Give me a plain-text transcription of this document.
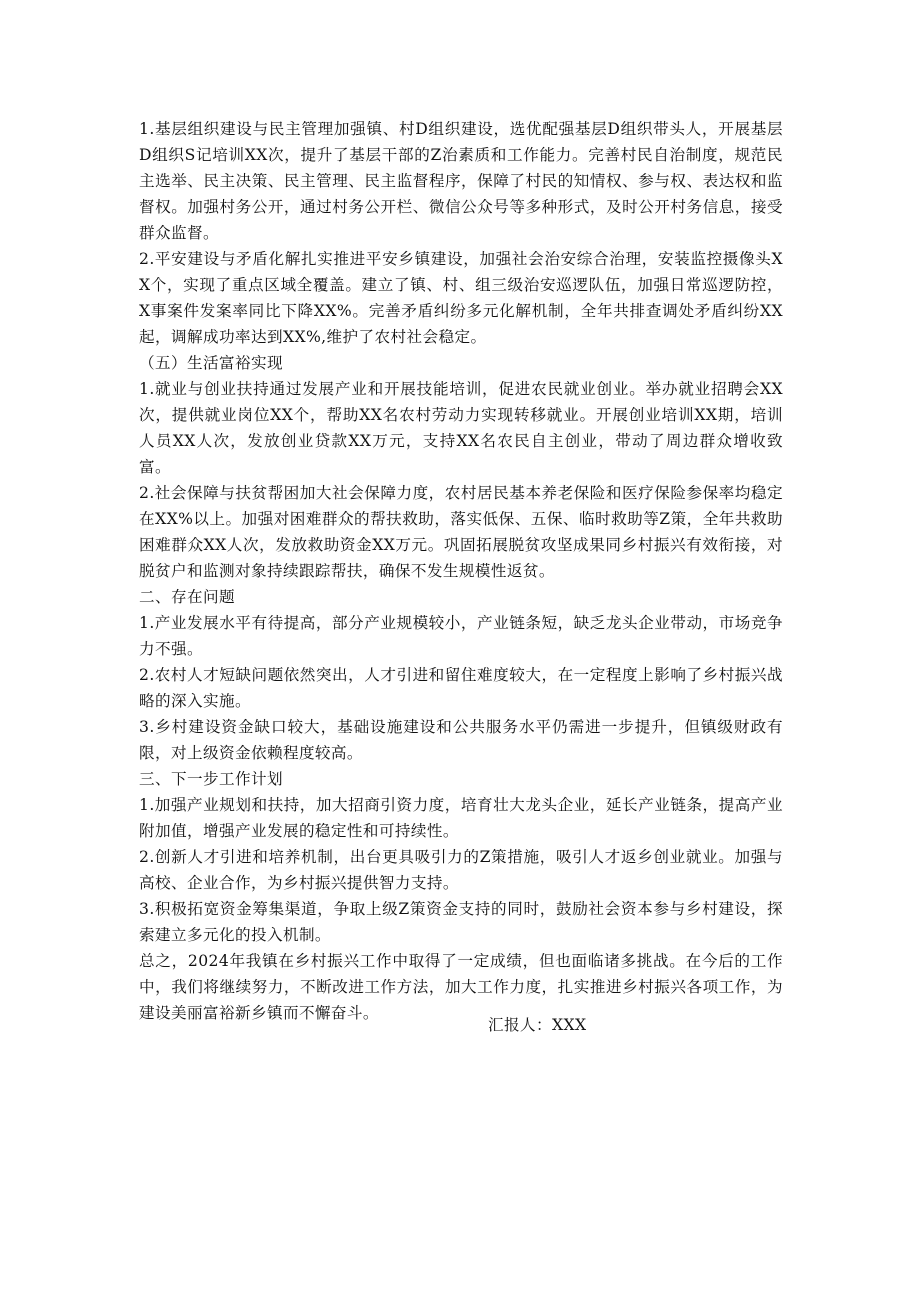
1.基层组织建设与民主管理加强镇、村D组织建设，选优配强基层D组织带头人，开展基层D组织S记培训XX次，提升了基层干部的Z治素质和工作能力。完善村民自治制度，规范民主选举、民主决策、民主管理、民主监督程序，保障了村民的知情权、参与权、表达权和监督权。加强村务公开，通过村务公开栏、微信公众号等多种形式，及时公开村务信息，接受群众监督。

2.平安建设与矛盾化解扎实推进平安乡镇建设，加强社会治安综合治理，安装监控摄像头XX个，实现了重点区域全覆盖。建立了镇、村、组三级治安巡逻队伍，加强日常巡逻防控，X事案件发案率同比下降XX%。完善矛盾纠纷多元化解机制，全年共排查调处矛盾纠纷XX起，调解成功率达到XX%,维护了农村社会稳定。

（五）生活富裕实现

1.就业与创业扶持通过发展产业和开展技能培训，促进农民就业创业。举办就业招聘会XX次，提供就业岗位XX个，帮助XX名农村劳动力实现转移就业。开展创业培训XX期，培训人员XX人次，发放创业贷款XX万元，支持XX名农民自主创业，带动了周边群众增收致富。

2.社会保障与扶贫帮困加大社会保障力度，农村居民基本养老保险和医疗保险参保率均稳定在XX%以上。加强对困难群众的帮扶救助，落实低保、五保、临时救助等Z策，全年共救助困难群众XX人次，发放救助资金XX万元。巩固拓展脱贫攻坚成果同乡村振兴有效衔接，对脱贫户和监测对象持续跟踪帮扶，确保不发生规模性返贫。

二、存在问题

1.产业发展水平有待提高，部分产业规模较小，产业链条短，缺乏龙头企业带动，市场竞争力不强。

2.农村人才短缺问题依然突出，人才引进和留住难度较大，在一定程度上影响了乡村振兴战略的深入实施。

3.乡村建设资金缺口较大，基础设施建设和公共服务水平仍需进一步提升，但镇级财政有限，对上级资金依赖程度较高。

三、下一步工作计划

1.加强产业规划和扶持，加大招商引资力度，培育壮大龙头企业，延长产业链条，提高产业附加值，增强产业发展的稳定性和可持续性。

2.创新人才引进和培养机制，出台更具吸引力的Z策措施，吸引人才返乡创业就业。加强与高校、企业合作，为乡村振兴提供智力支持。

3.积极拓宽资金筹集渠道，争取上级Z策资金支持的同时，鼓励社会资本参与乡村建设，探索建立多元化的投入机制。

总之，2024年我镇在乡村振兴工作中取得了一定成绩，但也面临诸多挑战。在今后的工作中，我们将继续努力，不断改进工作方法，加大工作力度，扎实推进乡村振兴各项工作，为建设美丽富裕新乡镇而不懈奋斗。

汇报人：XXX
